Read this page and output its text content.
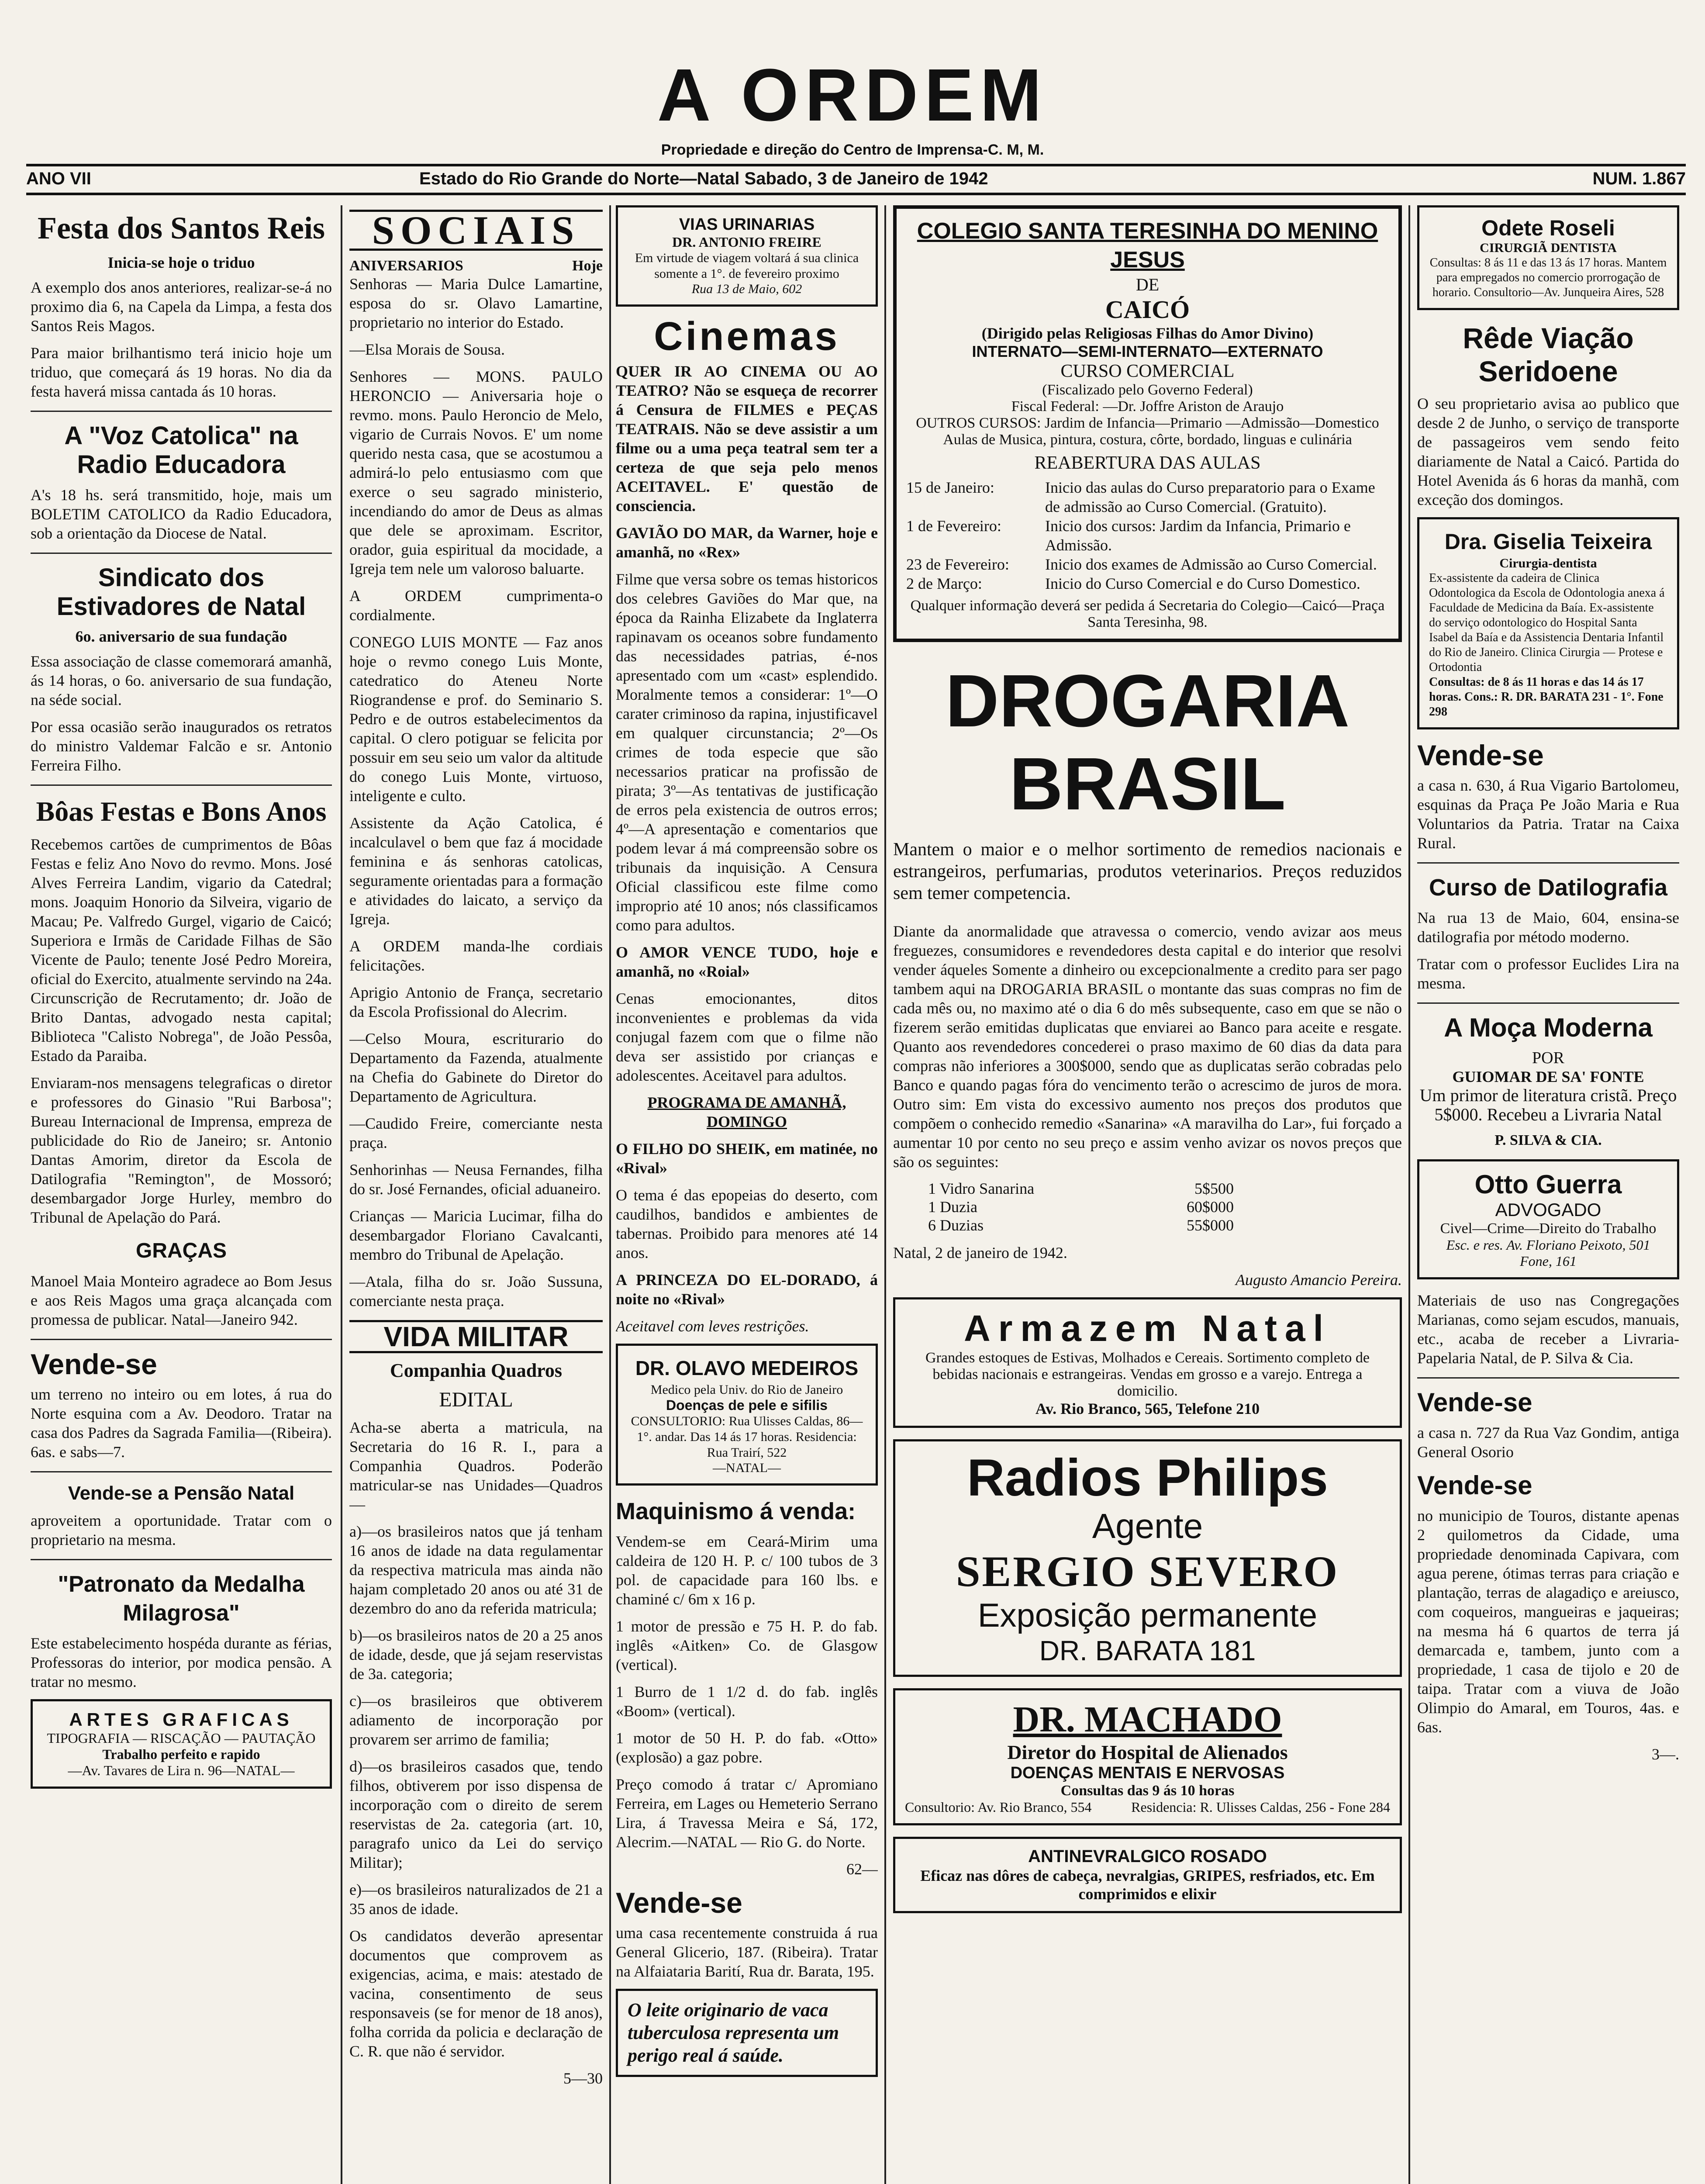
A ORDEM
Propriedade e direção do Centro de Imprensa-C. M, M.
ANO VII	Estado do Rio Grande do Norte—Natal Sabado, 3 de Janeiro de 1942	NUM. 1.867
Festa dos Santos Reis
Inicia-se hoje o triduo

A exemplo dos anos anteriores, realizar-se-á no proximo dia 6, na Capela da Limpa, a festa dos Santos Reis Magos.

Para maior brilhantismo terá inicio hoje um triduo, que começará ás 19 horas. No dia da festa haverá missa cantada ás 10 horas.

A "Voz Catolica" na Radio Educadora

A's 18 hs. será transmitido, hoje, mais um BOLETIM CATOLICO da Radio Educadora, sob a orientação da Diocese de Natal.

Sindicato dos Estivadores de Natal
6o. aniversario de sua fundação

Essa associação de classe comemorará amanhã, ás 14 horas, o 6o. aniversario de sua fundação, na séde social.

Por essa ocasião serão inaugurados os retratos do ministro Valdemar Falcão e sr. Antonio Ferreira Filho.

Bôas Festas e Bons Anos

Recebemos cartões de cumprimentos de Bôas Festas e feliz Ano Novo do revmo. Mons. José Alves Ferreira Landim, vigario da Catedral; mons. Joaquim Honorio da Silveira, vigario de Macau; Pe. Valfredo Gurgel, vigario de Caicó; Superiora e Irmãs de Caridade Filhas de São Vicente de Paulo; tenente José Pedro Moreira, oficial do Exercito, atualmente servindo na 24a. Circunscrição de Recrutamento; dr. João de Brito Dantas, advogado nesta capital; Biblioteca "Calisto Nobrega", de João Pessôa, Estado da Paraiba.

Enviaram-nos mensagens telegraficas o diretor e professores do Ginasio "Rui Barbosa"; Bureau Internacional de Imprensa, empreza de publicidade do Rio de Janeiro; sr. Antonio Dantas Amorim, diretor da Escola de Datilografia "Remington", de Mossoró; desembargador Jorge Hurley, membro do Tribunal de Apelação do Pará.

GRAÇAS

Manoel Maia Monteiro agradece ao Bom Jesus e aos Reis Magos uma graça alcançada com promessa de publicar. Natal—Janeiro 942.

Vende-se

um terreno no inteiro ou em lotes, á rua do Norte esquina com a Av. Deodoro. Tratar na casa dos Padres da Sagrada Familia—(Ribeira). 6as. e sabs—7.

Vende-se a Pensão Natal

aproveitem a oportunidade. Tratar com o proprietario na mesma.

"Patronato da Medalha Milagrosa"

Este estabelecimento hospéda durante as férias, Professoras do interior, por modica pensão. A tratar no mesmo.

ARTES GRAFICAS
TIPOGRAFIA — RISCAÇÃO — PAUTAÇÃO
Trabalho perfeito e rapido
—Av. Tavares de Lira n. 96—NATAL—
SOCIAIS
ANIVERSARIOS	Hoje

Senhoras — Maria Dulce Lamartine, esposa do sr. Olavo Lamartine, proprietario no interior do Estado.

—Elsa Morais de Sousa.

Senhores — MONS. PAULO HERONCIO — Aniversaria hoje o revmo. mons. Paulo Heroncio de Melo, vigario de Currais Novos. E' um nome querido nesta casa, que se acostumou a admirá-lo pelo entusiasmo com que exerce o seu sagrado ministerio, incendiando do amor de Deus as almas que dele se aproximam. Escritor, orador, guia espiritual da mocidade, a Igreja tem nele um valoroso baluarte.

A ORDEM cumprimenta-o cordialmente.

CONEGO LUIS MONTE — Faz anos hoje o revmo conego Luis Monte, catedratico do Ateneu Norte Riograndense e prof. do Seminario S. Pedro e de outros estabelecimentos da capital. O clero potiguar se felicita por possuir em seu seio um valor da altitude do conego Luis Monte, virtuoso, inteligente e culto.

Assistente da Ação Catolica, é incalculavel o bem que faz á mocidade feminina e ás senhoras catolicas, seguramente orientadas para a formação e atividades do laicato, a serviço da Igreja.

A ORDEM manda-lhe cordiais felicitações.

Aprigio Antonio de França, secretario da Escola Profissional do Alecrim.

—Celso Moura, escriturario do Departamento da Fazenda, atualmente na Chefia do Gabinete do Diretor do Departamento de Agricultura.

—Caudido Freire, comerciante nesta praça.

Senhorinhas — Neusa Fernandes, filha do sr. José Fernandes, oficial aduaneiro.

Crianças — Maricia Lucimar, filha do desembargador Floriano Cavalcanti, membro do Tribunal de Apelação.

—Atala, filha do sr. João Sussuna, comerciante nesta praça.

VIDA MILITAR
Companhia Quadros
EDITAL

Acha-se aberta a matricula, na Secretaria do 16 R. I., para a Companhia Quadros. Poderão matricular-se nas Unidades—Quadros —

a)—os brasileiros natos que já tenham 16 anos de idade na data regulamentar da respectiva matricula mas ainda não hajam completado 20 anos ou até 31 de dezembro do ano da referida matricula;

b)—os brasileiros natos de 20 a 25 anos de idade, desde, que já sejam reservistas de 3a. categoria;

c)—os brasileiros que obtiverem adiamento de incorporação por provarem ser arrimo de familia;

d)—os brasileiros casados que, tendo filhos, obtiverem por isso dispensa de incorporação com o direito de serem reservistas de 2a. categoria (art. 10, paragrafo unico da Lei do serviço Militar);

e)—os brasileiros naturalizados de 21 a 35 anos de idade.

Os candidatos deverão apresentar documentos que comprovem as exigencias, acima, e mais: atestado de vacina, consentimento de seus responsaveis (se for menor de 18 anos), folha corrida da policia e declaração de C. R. que não é servidor.

5—30

VIAS URINARIAS
DR. ANTONIO FREIRE
Em virtude de viagem voltará á sua clinica somente a 1°. de fevereiro proximo
Rua 13 de Maio, 602
Cinemas

QUER IR AO CINEMA OU AO TEATRO? Não se esqueça de recorrer á Censura de FILMES e PEÇAS TEATRAIS. Não se deve assistir a um filme ou a uma peça teatral sem ter a certeza de que seja pelo menos ACEITAVEL. E' questão de consciencia.

GAVIÃO DO MAR, da Warner, hoje e amanhã, no «Rex»

Filme que versa sobre os temas historicos dos celebres Gaviões do Mar que, na época da Rainha Elizabete da Inglaterra rapinavam os oceanos sobre fundamento das necessidades patrias, é-nos apresentado com um «cast» esplendido. Moralmente temos a considerar: 1º—O carater criminoso da rapina, injustificavel em qualquer circunstancia; 2º—Os crimes de toda especie que são necessarios praticar na profissão de pirata; 3º—As tentativas de justificação de erros pela existencia de outros erros; 4º—A apresentação e comentarios que podem levar á má compreensão sobre os tribunais da inquisição. A Censura Oficial classificou este filme como improprio até 10 anos; nós classificamos como para adultos.

O AMOR VENCE TUDO, hoje e amanhã, no «Roial»

Cenas emocionantes, ditos inconvenientes e problemas da vida conjugal fazem com que o filme não deva ser assistido por crianças e adolescentes. Aceitavel para adultos.

PROGRAMA DE AMANHÃ, DOMINGO

O FILHO DO SHEIK, em matinée, no «Rival»

O tema é das epopeias do deserto, com caudilhos, bandidos e ambientes de tabernas. Proibido para menores até 14 anos.

A PRINCEZA DO EL-DORADO, á noite no «Rival»

Aceitavel com leves restrições.

DR. OLAVO MEDEIROS
Medico pela Univ. do Rio de Janeiro
Doenças de pele e sifilis
CONSULTORIO: Rua Ulisses Caldas, 86—1°. andar. Das 14 ás 17 horas. Residencia: Rua Trairí, 522
—NATAL—
Maquinismo á venda:

Vendem-se em Ceará-Mirim uma caldeira de 120 H. P. c/ 100 tubos de 3 pol. de capacidade para 160 lbs. e chaminé c/ 6m x 16 p.

1 motor de pressão e 75 H. P. do fab. inglês «Aitken» Co. de Glasgow (vertical).

1 Burro de 1 1/2 d. do fab. inglês «Boom» (vertical).

1 motor de 50 H. P. do fab. «Otto» (explosão) a gaz pobre.

Preço comodo á tratar c/ Apromiano Ferreira, em Lages ou Hemeterio Serrano Lira, á Travessa Meira e Sá, 172, Alecrim.—NATAL — Rio G. do Norte.

62—

Vende-se

uma casa recentemente construida á rua General Glicerio, 187. (Ribeira). Tratar na Alfaiataria Barití, Rua dr. Barata, 195.

O leite originario de vaca tuberculosa representa um perigo real á saúde.
COLEGIO SANTA TERESINHA DO MENINO JESUS
DE
CAICÓ
(Dirigido pelas Religiosas Filhas do Amor Divino)
INTERNATO—SEMI-INTERNATO—EXTERNATO
CURSO COMERCIAL
(Fiscalizado pelo Governo Federal)
Fiscal Federal: —Dr. Joffre Ariston de Araujo
OUTROS CURSOS: Jardim de Infancia—Primario —Admissão—Domestico
Aulas de Musica, pintura, costura, côrte, bordado, linguas e culinária
REABERTURA DAS AULAS
15 de Janeiro:	Inicio das aulas do Curso preparatorio para o Exame de admissão ao Curso Comercial. (Gratuito).
1 de Fevereiro:	Inicio dos cursos: Jardim da Infancia, Primario e Admissão.
23 de Fevereiro:	Inicio dos exames de Admissão ao Curso Comercial.
2 de Março:	Inicio do Curso Comercial e do Curso Domestico.
Qualquer informação deverá ser pedida á Secretaria do Colegio—Caicó—Praça Santa Teresinha, 98.
DROGARIA BRASIL

Mantem o maior e o melhor sortimento de remedios nacionais e estrangeiros, perfumarias, produtos veterinarios. Preços reduzidos sem temer competencia.

Diante da anormalidade que atravessa o comercio, vendo avizar aos meus freguezes, consumidores e revendedores desta capital e do interior que resolvi vender áqueles Somente a dinheiro ou excepcionalmente a credito para ser pago tambem aqui na DROGARIA BRASIL o montante das suas compras no fim de cada mês ou, no maximo até o dia 6 do mês subsequente, caso em que se não o fizerem serão emitidas duplicatas que enviarei ao Banco para aceite e resgate. Quanto aos revendedores concederei o praso maximo de 60 dias da data para compras não inferiores a 300$000, sendo que as duplicatas serão cobradas pelo Banco e quando pagas fóra do vencimento terão o acrescimo de juros de mora. Outro sim: Em vista do excessivo aumento nos preços dos produtos que compõem o conhecido remedio «Sanarina» «A maravilha do Lar», fui forçado a aumentar 10 por cento no seu preço e assim venho avizar os novos preços que são os seguintes:

1 Vidro Sanarina	5$500
1 Duzia	60$000
6 Duzias	55$000

Natal, 2 de janeiro de 1942.

Augusto Amancio Pereira.

Armazem Natal
Grandes estoques de Estivas, Molhados e Cereais. Sortimento completo de bebidas nacionais e estrangeiras. Vendas em grosso e a varejo. Entrega a domicilio.
Av. Rio Branco, 565, Telefone 210
Radios Philips
Agente
SERGIO SEVERO
Exposição permanente
DR. BARATA 181
DR. MACHADO
Diretor do Hospital de Alienados
DOENÇAS MENTAIS E NERVOSAS
Consultas das 9 ás 10 horas
Consultorio: Av. Rio Branco, 554	Residencia: R. Ulisses Caldas, 256 - Fone 284
ANTINEVRALGICO ROSADO
Eficaz nas dôres de cabeça, nevralgias, GRIPES, resfriados, etc. Em comprimidos e elixir
Odete Roseli
CIRURGIÃ DENTISTA
Consultas: 8 ás 11 e das 13 ás 17 horas. Mantem para empregados no comercio prorrogação de horario. Consultorio—Av. Junqueira Aires, 528
Rêde Viação Seridoene

O seu proprietario avisa ao publico que desde 2 de Junho, o serviço de transporte de passageiros vem sendo feito diariamente de Natal a Caicó. Partida do Hotel Avenida ás 6 horas da manhã, com exceção dos domingos.

Dra. Giselia Teixeira
Cirurgia-dentista
Ex-assistente da cadeira de Clinica Odontologica da Escola de Odontologia anexa á Faculdade de Medicina da Baía. Ex-assistente do serviço odontologico do Hospital Santa Isabel da Baía e da Assistencia Dentaria Infantil do Rio de Janeiro. Clinica Cirurgia — Protese e Ortodontia
Consultas: de 8 ás 11 horas e das 14 ás 17 horas. Cons.: R. DR. BARATA 231 - 1°. Fone 298
Vende-se

a casa n. 630, á Rua Vigario Bartolomeu, esquinas da Praça Pe João Maria e Rua Voluntarios da Patria. Tratar na Caixa Rural.

Curso de Datilografia

Na rua 13 de Maio, 604, ensina-se datilografia por método moderno.

Tratar com o professor Euclides Lira na mesma.

A Moça Moderna
POR
GUIOMAR DE SA' FONTE

Um primor de literatura cristã. Preço 5$000. Recebeu a Livraria Natal

P. SILVA & CIA.
Otto Guerra
ADVOGADO
Civel—Crime—Direito do Trabalho
Esc. e res. Av. Floriano Peixoto, 501 Fone, 161

Materiais de uso nas Congregações Marianas, como sejam escudos, manuais, etc., acaba de receber a Livraria-Papelaria Natal, de P. Silva & Cia.

Vende-se

a casa n. 727 da Rua Vaz Gondim, antiga General Osorio

Vende-se

no municipio de Touros, distante apenas 2 quilometros da Cidade, uma propriedade denominada Capivara, com agua perene, ótimas terras para criação e plantação, terras de alagadiço e areiusco, com coqueiros, mangueiras e jaqueiras; na mesma há 6 quartos de terra já demarcada e, tambem, junto com a propriedade, 1 casa de tijolo e 20 de taipa. Tratar com a viuva de João Olimpio do Amaral, em Touros, 4as. e 6as.

3—.
